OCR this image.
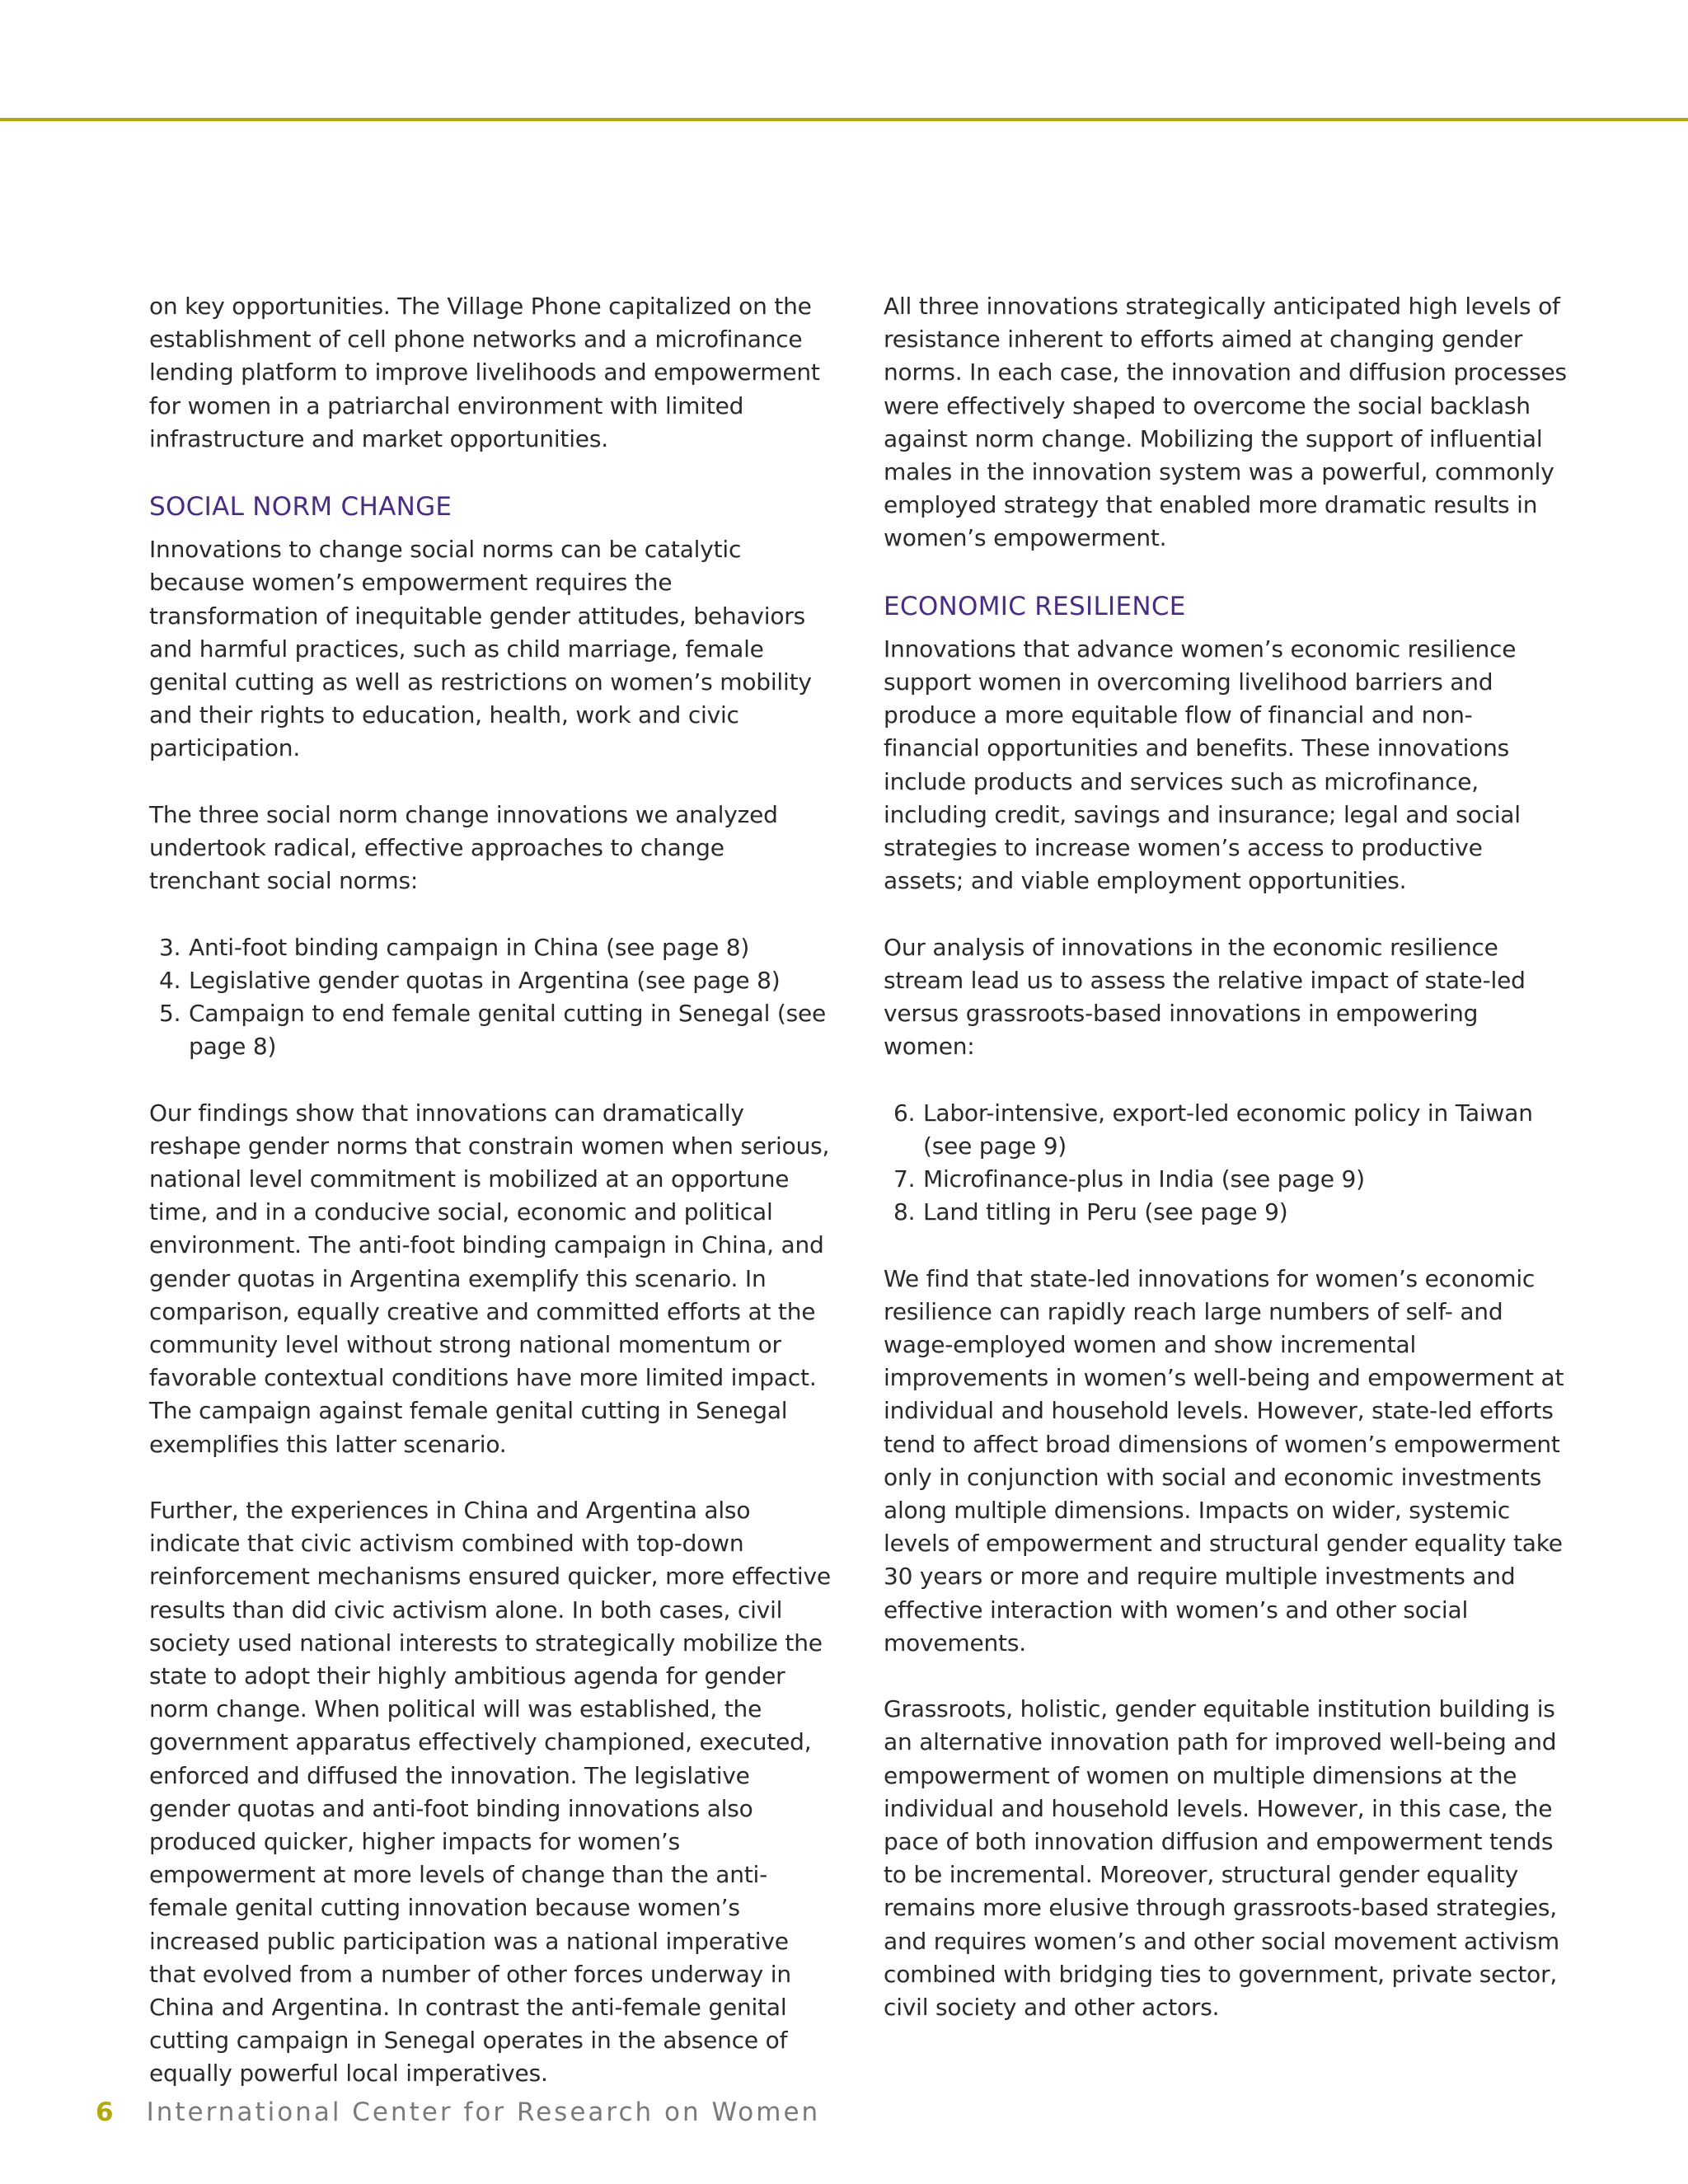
on key opportunities. The Village Phone capitalized on the establishment of cell phone networks and a microfinance lending platform to improve livelihoods and empowerment for women in a patriarchal environment with limited infrastructure and market opportunities.

SOCIAL NORM CHANGE

Innovations to change social norms can be catalytic because women’s empowerment requires the transformation of inequitable gender attitudes, behaviors and harmful practices, such as child marriage, female genital cutting as well as restrictions on women’s mobility and their rights to education, health, work and civic participation.

The three social norm change innovations we analyzed undertook radical, effective approaches to change trenchant social norms:

3. Anti-foot binding campaign in China (see page 8)
4. Legislative gender quotas in Argentina (see page 8)
5. Campaign to end female genital cutting in Senegal (see page 8)

Our findings show that innovations can dramatically reshape gender norms that constrain women when serious, national level commitment is mobilized at an opportune time, and in a conducive social, economic and political environment. The anti-foot binding campaign in China, and gender quotas in Argentina exemplify this scenario. In comparison, equally creative and committed efforts at the community level without strong national momentum or favorable contextual conditions have more limited impact. The campaign against female genital cutting in Senegal exemplifies this latter scenario.

Further, the experiences in China and Argentina also indicate that civic activism combined with top-down reinforcement mechanisms ensured quicker, more effective results than did civic activism alone. In both cases, civil society used national interests to strategically mobilize the state to adopt their highly ambitious agenda for gender norm change. When political will was established, the government apparatus effectively championed, executed, enforced and diffused the innovation. The legislative gender quotas and anti-foot binding innovations also produced quicker, higher impacts for women’s empowerment at more levels of change than the anti-female genital cutting innovation because women’s increased public participation was a national imperative that evolved from a number of other forces underway in China and Argentina. In contrast the anti-female genital cutting campaign in Senegal operates in the absence of equally powerful local imperatives.

All three innovations strategically anticipated high levels of resistance inherent to efforts aimed at changing gender norms. In each case, the innovation and diffusion processes were effectively shaped to overcome the social backlash against norm change. Mobilizing the support of influential males in the innovation system was a powerful, commonly employed strategy that enabled more dramatic results in women’s empowerment.

ECONOMIC RESILIENCE

Innovations that advance women’s economic resilience support women in overcoming livelihood barriers and produce a more equitable flow of financial and non-financial opportunities and benefits. These innovations include products and services such as microfinance, including credit, savings and insurance; legal and social strategies to increase women’s access to productive assets; and viable employment opportunities.

Our analysis of innovations in the economic resilience stream lead us to assess the relative impact of state-led versus grassroots-based innovations in empowering women:

6. Labor-intensive, export-led economic policy in Taiwan (see page 9)
7. Microfinance-plus in India (see page 9)
8. Land titling in Peru (see page 9)

We find that state-led innovations for women’s economic resilience can rapidly reach large numbers of self- and wage-employed women and show incremental improvements in women’s well-being and empowerment at individual and household levels. However, state-led efforts tend to affect broad dimensions of women’s empowerment only in conjunction with social and economic investments along multiple dimensions. Impacts on wider, systemic levels of empowerment and structural gender equality take 30 years or more and require multiple investments and effective interaction with women’s and other social movements.

Grassroots, holistic, gender equitable institution building is an alternative innovation path for improved well-being and empowerment of women on multiple dimensions at the individual and household levels. However, in this case, the pace of both innovation diffusion and empowerment tends to be incremental. Moreover, structural gender equality remains more elusive through grassroots-based strategies, and requires women’s and other social movement activism combined with bridging ties to government, private sector, civil society and other actors.

6 International Center for Research on Women
